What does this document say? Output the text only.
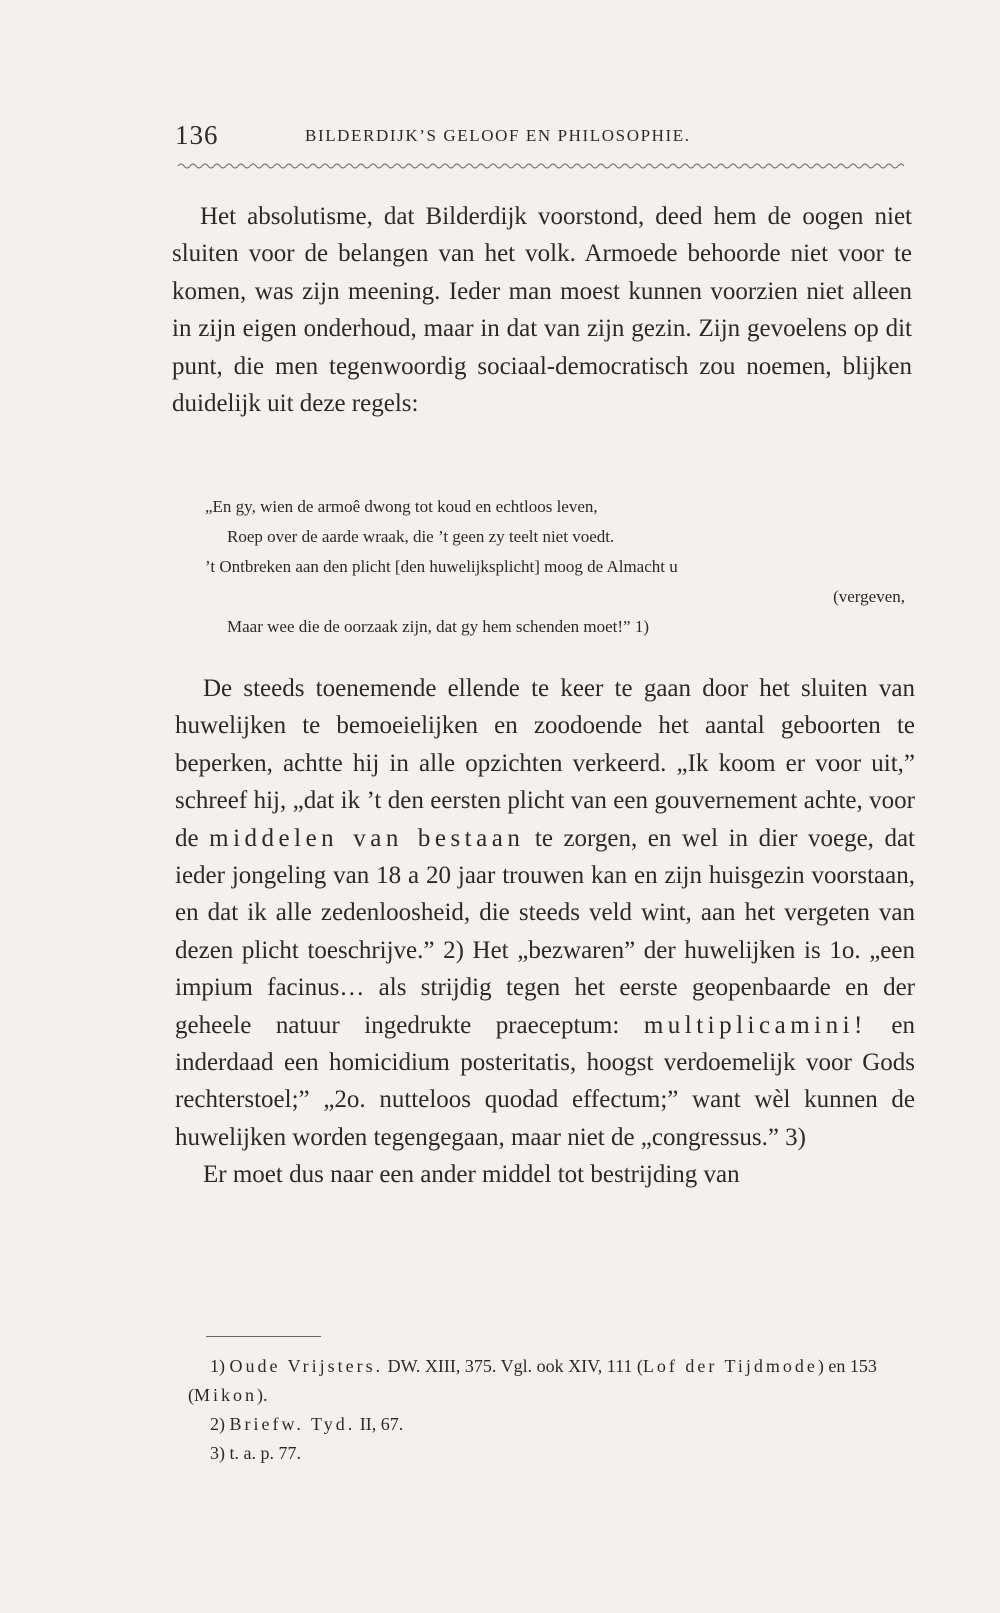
136	BILDERDIJK’S GELOOF EN PHILOSOPHIE.

Het absolutisme, dat Bilderdijk voorstond, deed hem de oogen niet sluiten voor de belangen van het volk. Armoede behoorde niet voor te komen, was zijn meening. Ieder man moest kunnen voorzien niet alleen in zijn eigen onderhoud, maar in dat van zijn gezin. Zijn gevoelens op dit punt, die men tegenwoordig sociaal-democratisch zou noemen, blijken duidelijk uit deze regels:

„En gy, wien de armoê dwong tot koud en echtloos leven,
Roep over de aarde wraak, die ’t geen zy teelt niet voedt.
’t Ontbreken aan den plicht [den huwelijksplicht] moog de Almacht u
(vergeven,
Maar wee die de oorzaak zijn, dat gy hem schenden moet!” 1)

De steeds toenemende ellende te keer te gaan door het sluiten van huwelijken te bemoeielijken en zoodoende het aantal geboorten te beperken, achtte hij in alle opzichten verkeerd. „Ik koom er voor uit,” schreef hij, „dat ik ’t den eersten plicht van een gouvernement achte, voor de middelen van bestaan te zorgen, en wel in dier voege, dat ieder jongeling van 18 a 20 jaar trouwen kan en zijn huisgezin voorstaan, en dat ik alle zedenloosheid, die steeds veld wint, aan het vergeten van dezen plicht toeschrijve.” 2) Het „bezwaren” der huwelijken is 1o. „een impium facinus… als strijdig tegen het eerste geopenbaarde en der geheele natuur ingedrukte praeceptum: multiplicamini! en inderdaad een homicidium posteritatis, hoogst verdoemelijk voor Gods rechterstoel;” „2o. nutteloos quodad effectum;” want wèl kunnen de huwelijken worden tegengegaan, maar niet de „congressus.” 3)

Er moet dus naar een ander middel tot bestrijding van

1) Oude Vrijsters. DW. XIII, 375. Vgl. ook XIV, 111 (Lof der Tijdmode) en 153 (Mikon).

2) Briefw. Tyd. II, 67.

3) t. a. p. 77.
